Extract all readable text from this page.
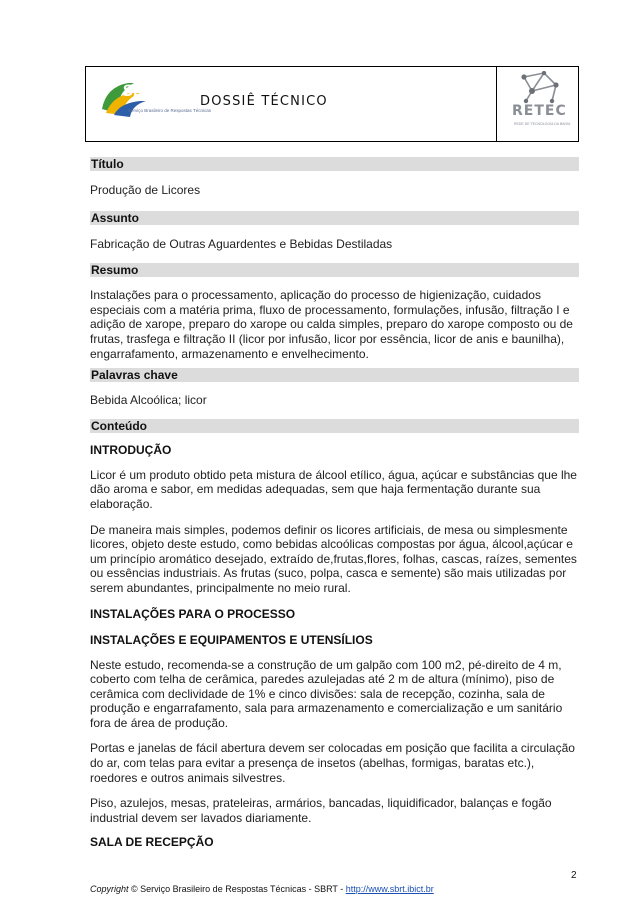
SBRT
Serviço Brasileiro de Respostas Técnicas	RETEC
REDE DE TECNOLOGIA DA BAHIA
DOSSIÊ TÉCNICO
Título
Produção de Licores
Assunto
Fabricação de Outras Aguardentes e Bebidas Destiladas
Resumo

Instalações para o processamento, aplicação do processo de higienização, cuidados especiais com a matéria prima, fluxo de processamento, formulações, infusão, filtração I e adição de xarope, preparo do xarope ou calda simples, preparo do xarope composto ou de frutas, trasfega e filtração II (licor por infusão, licor por essência, licor de anis e baunilha), engarrafamento, armazenamento e envelhecimento.

Palavras chave
Bebida Alcoólica; licor
Conteúdo
INTRODUÇÃO

Licor é um produto obtido peta mistura de álcool etílico, água, açúcar e substâncias que lhe dão aroma e sabor, em medidas adequadas, sem que haja fermentação durante sua elaboração.

De maneira mais simples, podemos definir os licores artificiais, de mesa ou simplesmente licores, objeto deste estudo, como bebidas alcoólicas compostas por água, álcool,açúcar e um princípio aromático desejado, extraído de,frutas,flores, folhas, cascas, raízes, sementes ou essências industriais. As frutas (suco, polpa, casca e semente) são mais utilizadas por serem abundantes, principalmente no meio rural.

INSTALAÇÕES PARA O PROCESSO
INSTALAÇÕES E EQUIPAMENTOS E UTENSÍLIOS

Neste estudo, recomenda-se a construção de um galpão com 100 m2, pé-direito de 4 m, coberto com telha de cerâmica, paredes azulejadas até 2 m de altura (mínimo), piso de cerâmica com declividade de 1% e cinco divisões: sala de recepção, cozinha, sala de produção e engarrafamento, sala para armazenamento e comercialização e um sanitário fora de área de produção.

Portas e janelas de fácil abertura devem ser colocadas em posição que facilita a circulação do ar, com telas para evitar a presença de insetos (abelhas, formigas, baratas etc.), roedores e outros animais silvestres.

Piso, azulejos, mesas, prateleiras, armários, bancadas, liquidificador, balanças e fogão industrial devem ser lavados diariamente.

SALA DE RECEPÇÃO
2
Copyright © Serviço Brasileiro de Respostas Técnicas - SBRT - http://www.sbrt.ibict.br
